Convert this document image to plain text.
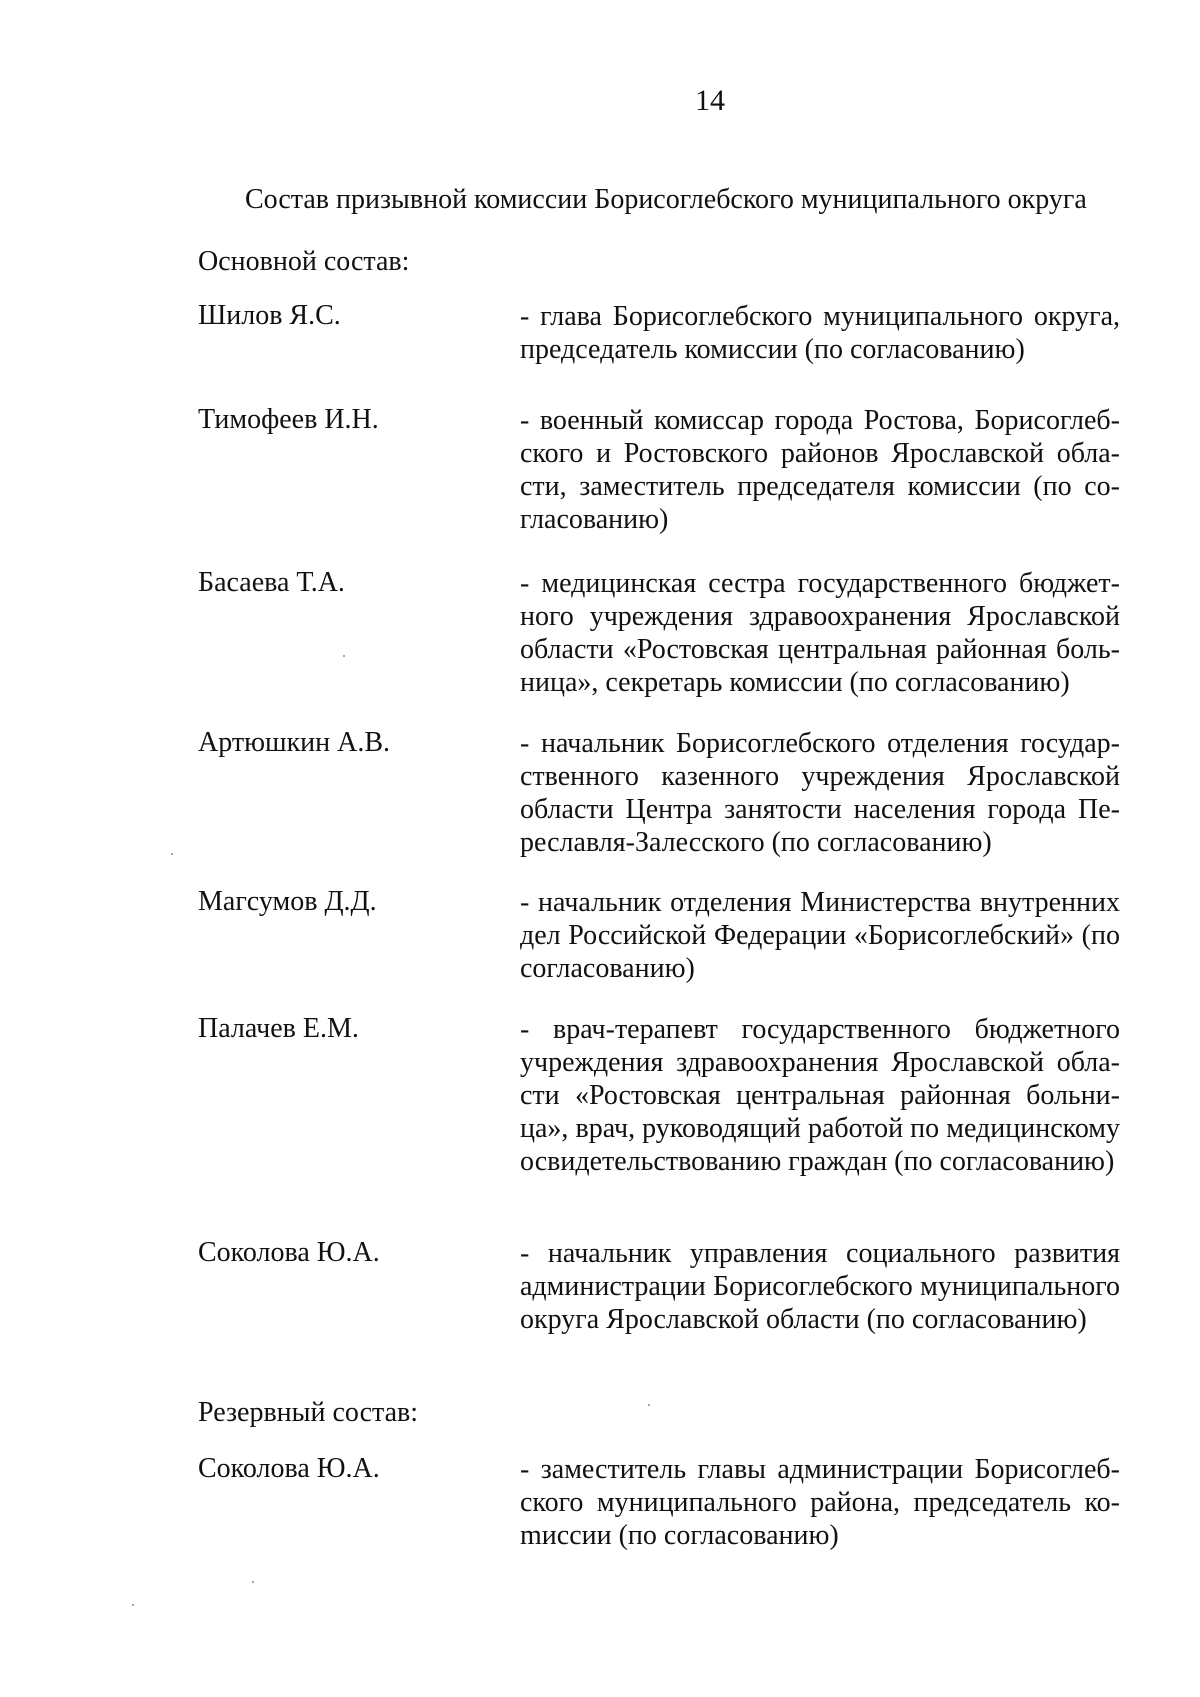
14
Состав призывной комиссии Борисоглебского муниципального округа
Основной состав:
Шилов Я.С.	- глава Борисоглебского муниципального округа, председатель комиссии (по согласованию)
Тимофеев И.Н.	- военный комиссар города Ростова, Борисоглебского и Ростовского районов Ярославской области, заместитель председателя комиссии (по согласованию)
Басаева Т.А.	- медицинская сестра государственного бюджетного учреждения здравоохранения Ярославской области «Ростовская центральная районная больница», секретарь комиссии (по согласованию)
Артюшкин А.В.	- начальник Борисоглебского отделения государственного казенного учреждения Ярославской области Центра занятости населения города Переславля-Залесского (по согласованию)
Магсумов Д.Д.	- начальник отделения Министерства внутренних дел Российской Федерации «Борисоглебский» (по согласованию)
Палачев Е.М.	- врач-терапевт государственного бюджетного учреждения здравоохранения Ярославской области «Ростовская центральная районная больница», врач, руководящий работой по медицинскому освидетельствованию граждан (по согласованию)
Соколова Ю.А.	- начальник управления социального развития администрации Борисоглебского муниципального округа Ярославской области (по согласованию)
Резервный состав:
Соколова Ю.А.	- заместитель главы администрации Борисоглебского муниципального района, председатель коmиссии (по согласованию)
